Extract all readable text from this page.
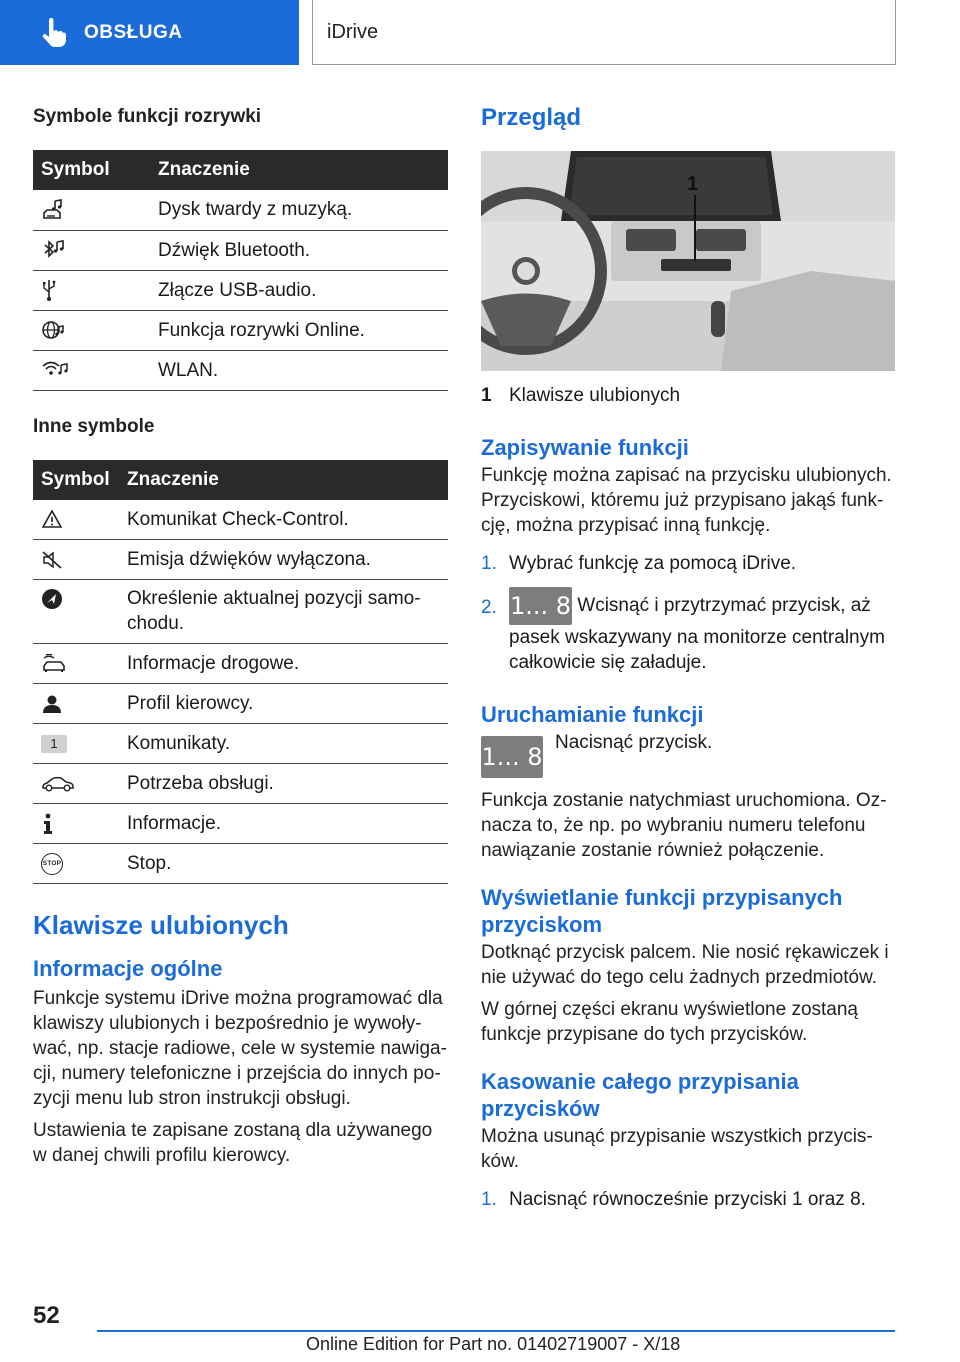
OBSŁUGA	iDrive
Symbole funkcji rozrywki
Symbol	Znaczenie

	Dysk twardy z muzyką.

	Dźwięk Bluetooth.

	Złącze USB-audio.

	Funkcja rozrywki Online.

	WLAN.
Inne symbole
Symbol	Znaczenie

	Komunikat Check-Control.

	Emisja dźwięków wyłączona.

	Określenie aktualnej pozycji samo-
chodu.

	Informacje drogowe.

	Profil kierowcy.

1	Komunikaty.

	Potrzeba obsługi.

	Informacje.

STOP	Stop.
Klawisze ulubionych
Informacje ogólne

Funkcje systemu iDrive można programować dla klawiszy ulubionych i bezpośrednio je wywoływać, np. stacje radiowe, cele w systemie nawigacji, numery telefoniczne i przejścia do innych pozycji menu lub stron instrukcji obsługi.

Ustawienia te zapisane zostaną dla używanego w danej chwili profilu kierowcy.

Przegląd
1
1 Klawisze ulubionych
Zapisywanie funkcji

Funkcję można zapisać na przycisku ulubionych. Przyciskowi, któremu już przypisano jakąś funkcję, można przypisać inną funkcję.

1. Wybrać funkcję za pomocą iDrive.
2. 1... 8 Wcisnąć i przytrzymać przycisk, aż pasek wskazywany na monitorze centralnym całkowicie się załaduje.
Uruchamianie funkcji
1... 8
Nacisnąć przycisk.

Funkcja zostanie natychmiast uruchomiona. Oznacza to, że np. po wybraniu numeru telefonu nawiązanie zostanie również połączenie.

Wyświetlanie funkcji przypisanych przyciskom

Dotknąć przycisk palcem. Nie nosić rękawiczek i nie używać do tego celu żadnych przedmiotów.

W górnej części ekranu wyświetlone zostaną funkcje przypisane do tych przycisków.

Kasowanie całego przypisania przycisków

Można usunąć przypisanie wszystkich przycisków.

1. Nacisnąć równocześnie przyciski 1 oraz 8.
52
Online Edition for Part no. 01402719007 - X/18
